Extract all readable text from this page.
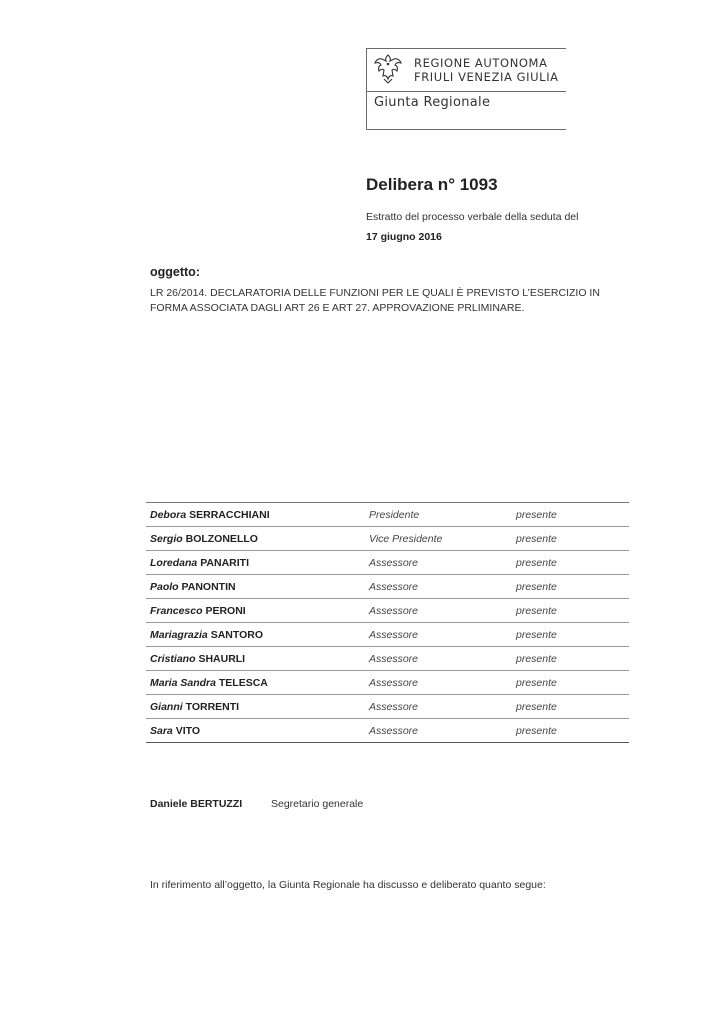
REGIONE AUTONOMA
FRIULI VENEZIA GIULIA
Giunta Regionale
Delibera n° 1093
Estratto del processo verbale della seduta del
17 giugno 2016
oggetto:
LR 26/2014. DECLARATORIA DELLE FUNZIONI PER LE QUALI È PREVISTO L’ESERCIZIO IN FORMA ASSOCIATA DAGLI ART 26 E ART 27. APPROVAZIONE PRLIMINARE.
Debora SERRACCHIANI	Presidente	presente
Sergio BOLZONELLO	Vice Presidente	presente
Loredana PANARITI	Assessore	presente
Paolo PANONTIN	Assessore	presente
Francesco PERONI	Assessore	presente
Mariagrazia SANTORO	Assessore	presente
Cristiano SHAURLI	Assessore	presente
Maria Sandra TELESCA	Assessore	presente
Gianni TORRENTI	Assessore	presente
Sara VITO	Assessore	presente
Daniele BERTUZZI	Segretario generale
In riferimento all’oggetto, la Giunta Regionale ha discusso e deliberato quanto segue:
